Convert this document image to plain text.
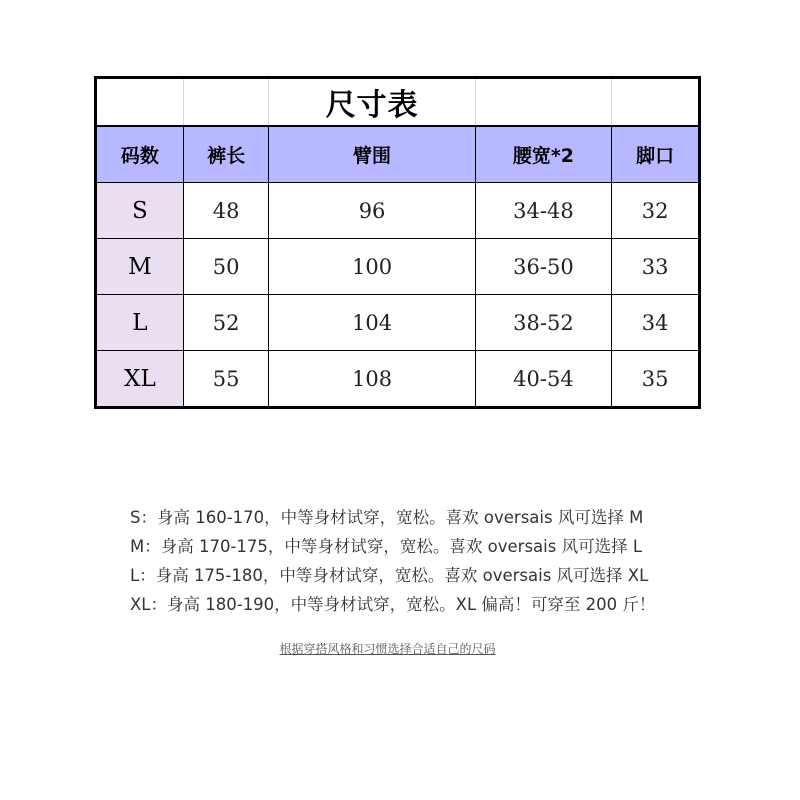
		尺寸表		
码数	裤长	臂围	腰宽*2	脚口
S	48	96	34-48	32
M	50	100	36-50	33
L	52	104	38-52	34
XL	55	108	40-54	35

S：身高 160-170，中等身材试穿，宽松。喜欢 oversais 风可选择 M

M：身高 170-175，中等身材试穿，宽松。喜欢 oversais 风可选择 L

L：身高 175-180，中等身材试穿，宽松。喜欢 oversais 风可选择 XL

XL：身高 180-190，中等身材试穿，宽松。XL 偏高！可穿至 200 斤！

根据穿搭风格和习惯选择合适自己的尺码
